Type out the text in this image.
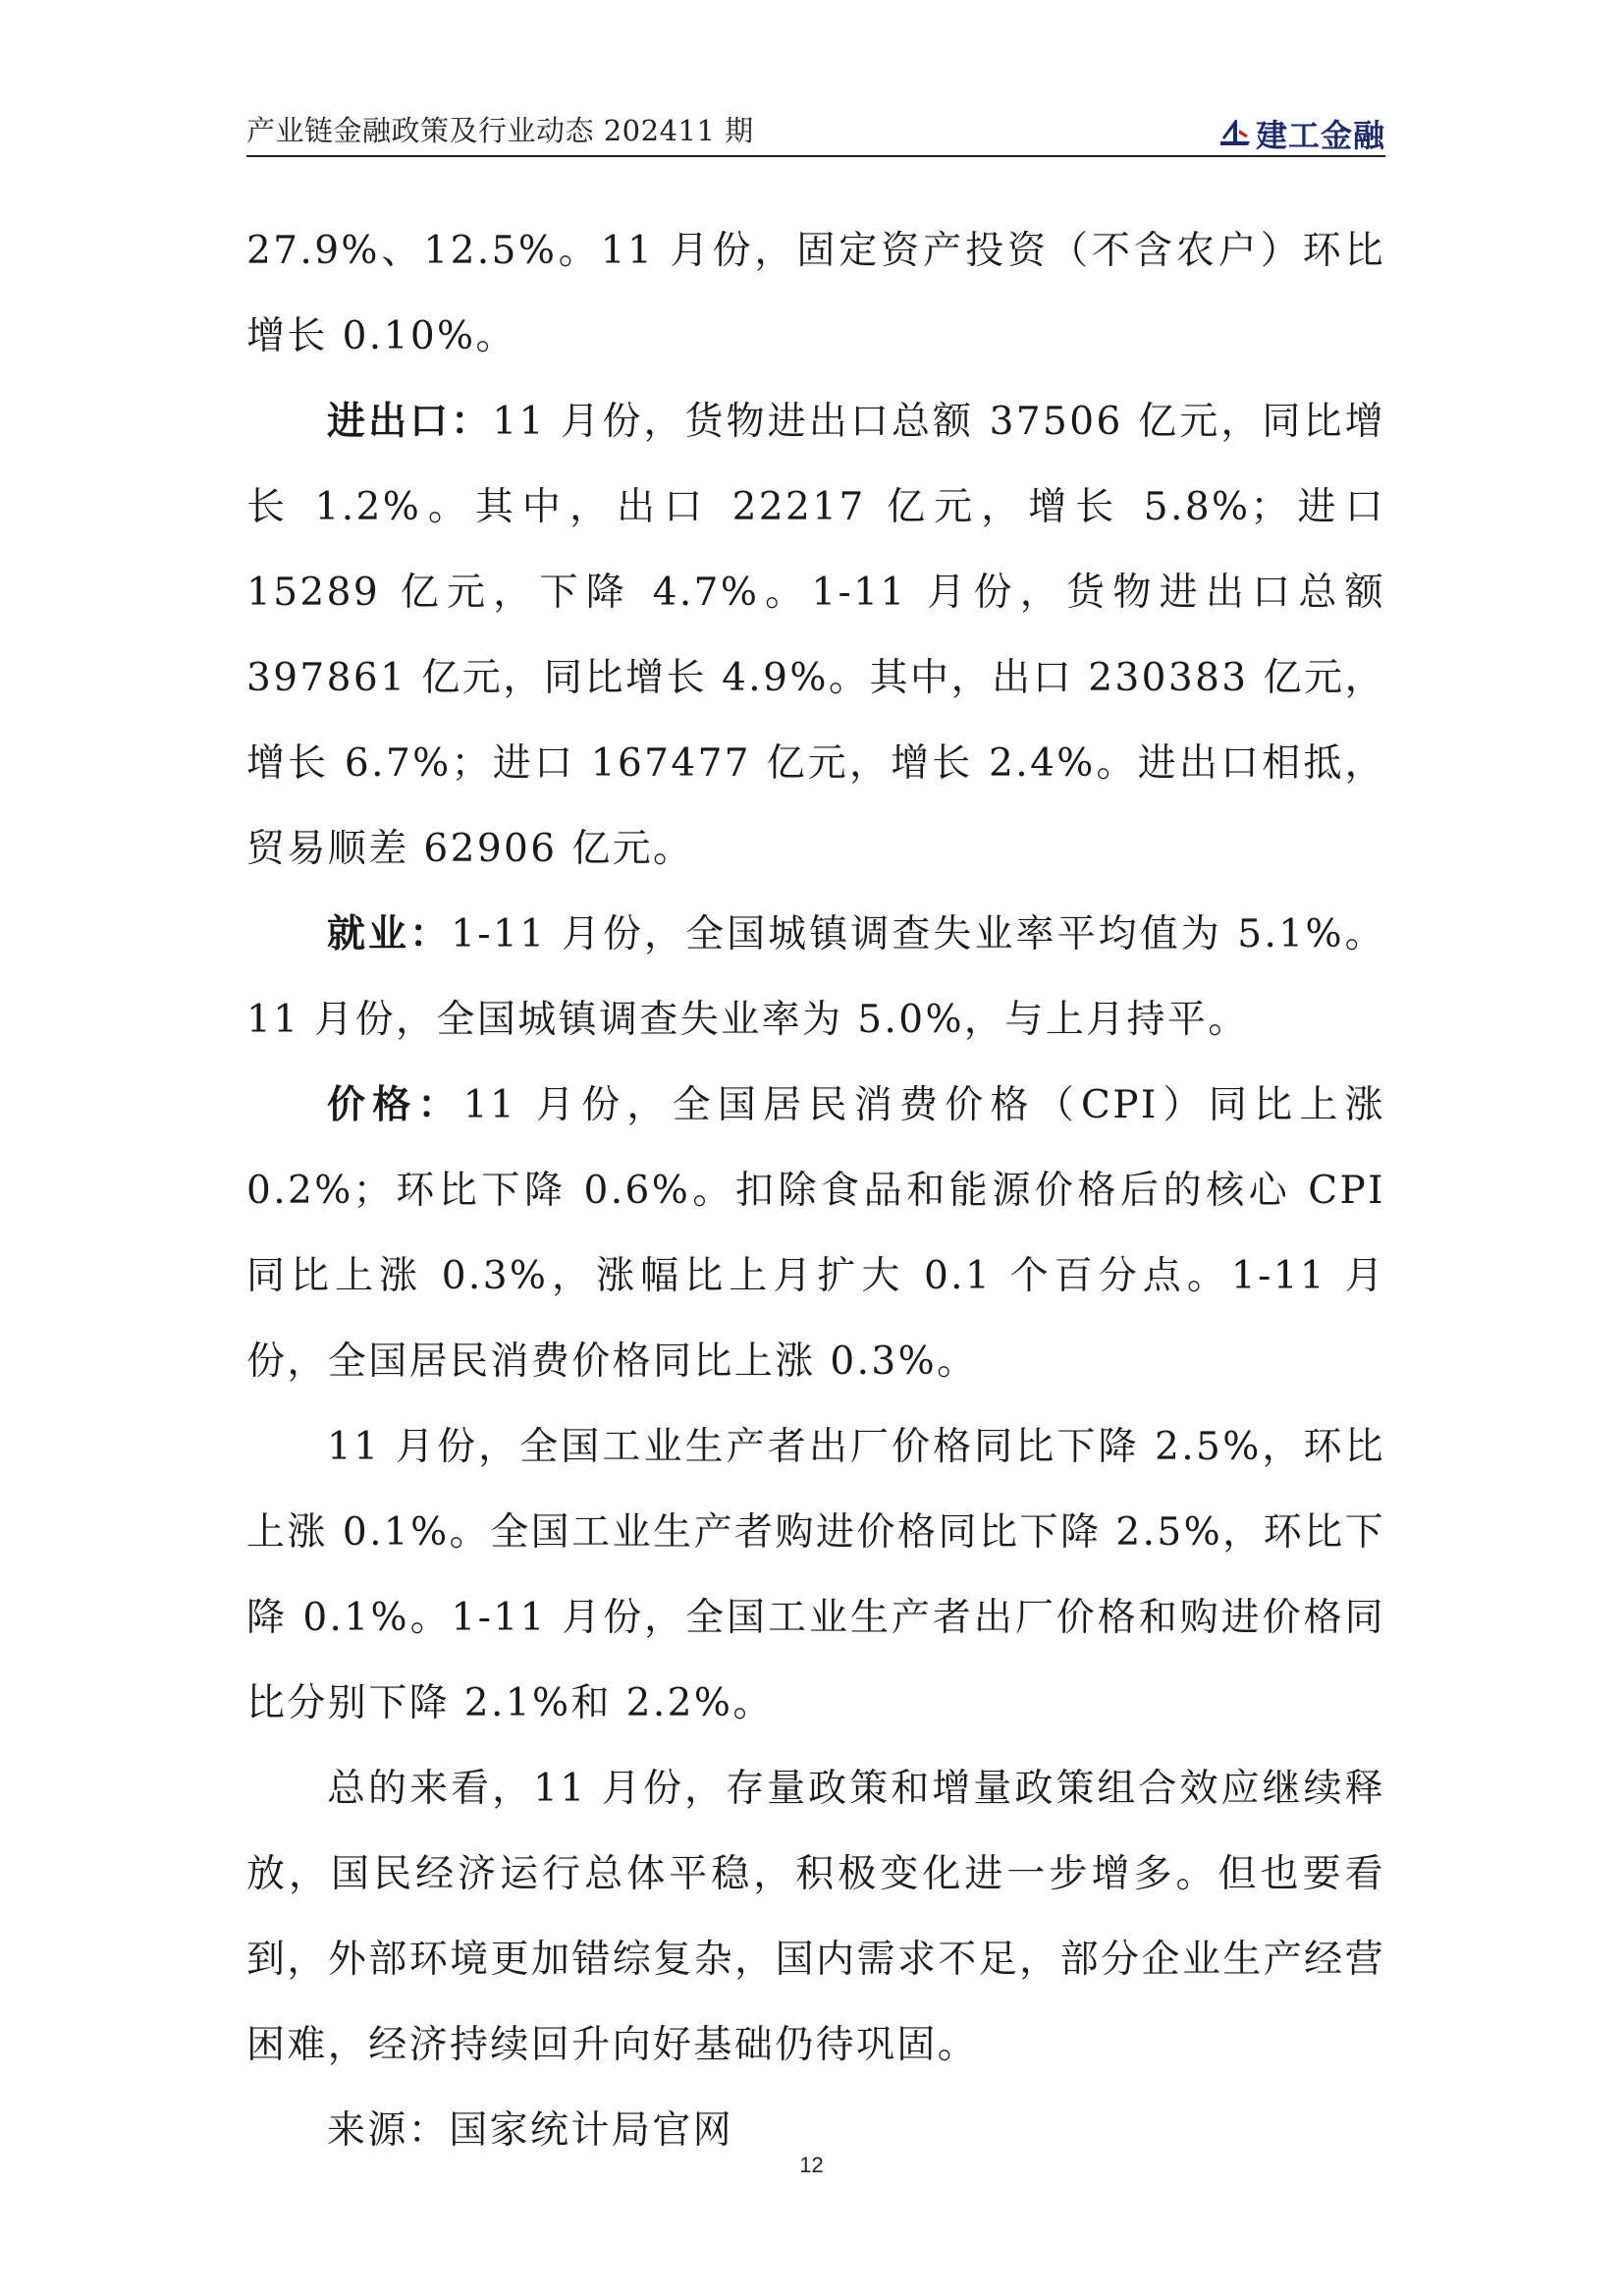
产业链金融政策及行业动态 202411 期	建工金融

27.9%、12.5%。11 月份，固定资产投资（不含农户）环比增长 0.10%。

进出口：11 月份，货物进出口总额 37506 亿元，同比增长 1.2%。其中，出口 22217 亿元，增长 5.8%；进口 15289 亿元，下降 4.7%。1-11 月份，货物进出口总额 397861 亿元，同比增长 4.9%。其中，出口 230383 亿元，增长 6.7%；进口 167477 亿元，增长 2.4%。进出口相抵，贸易顺差 62906 亿元。

就业：1-11 月份，全国城镇调查失业率平均值为 5.1%。11 月份，全国城镇调查失业率为 5.0%，与上月持平。

价格：11 月份，全国居民消费价格（CPI）同比上涨 0.2%；环比下降 0.6%。扣除食品和能源价格后的核心 CPI 同比上涨 0.3%，涨幅比上月扩大 0.1 个百分点。1-11 月份，全国居民消费价格同比上涨 0.3%。

11 月份，全国工业生产者出厂价格同比下降 2.5%，环比上涨 0.1%。全国工业生产者购进价格同比下降 2.5%，环比下降 0.1%。1-11 月份，全国工业生产者出厂价格和购进价格同比分别下降 2.1%和 2.2%。

总的来看，11 月份，存量政策和增量政策组合效应继续释放，国民经济运行总体平稳，积极变化进一步增多。但也要看到，外部环境更加错综复杂，国内需求不足，部分企业生产经营困难，经济持续回升向好基础仍待巩固。

来源：国家统计局官网

12
